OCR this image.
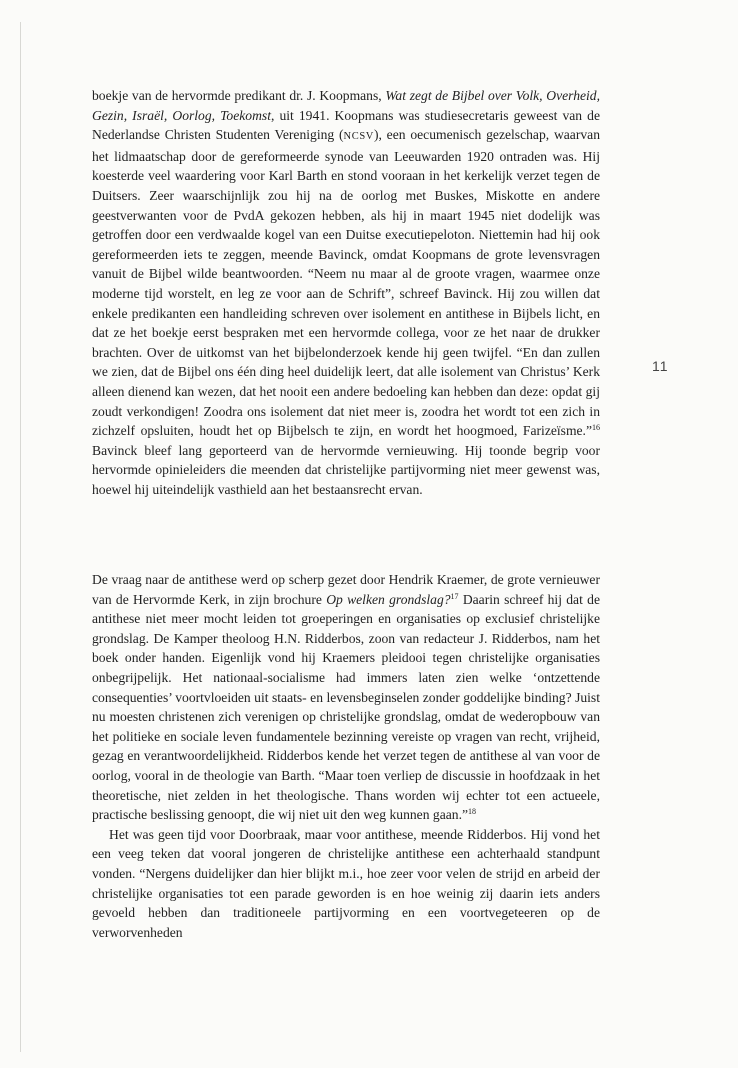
11

boekje van de hervormde predikant dr. J. Koopmans, Wat zegt de Bijbel over Volk, Overheid, Gezin, Israël, Oorlog, Toekomst, uit 1941. Koopmans was studiesecretaris geweest van de Nederlandse Christen Studenten Vereniging (NCSV), een oecumenisch gezelschap, waarvan het lidmaatschap door de gereformeerde synode van Leeuwarden 1920 ontraden was. Hij koesterde veel waardering voor Karl Barth en stond vooraan in het kerkelijk verzet tegen de Duitsers. Zeer waarschijnlijk zou hij na de oorlog met Buskes, Miskotte en andere geestverwanten voor de PvdA gekozen hebben, als hij in maart 1945 niet dodelijk was getroffen door een verdwaalde kogel van een Duitse executiepeloton. Niettemin had hij ook gereformeerden iets te zeggen, meende Bavinck, omdat Koopmans de grote levensvragen vanuit de Bijbel wilde beantwoorden. “Neem nu maar al de groote vragen, waarmee onze moderne tijd worstelt, en leg ze voor aan de Schrift”, schreef Bavinck. Hij zou willen dat enkele predikanten een handleiding schreven over isolement en antithese in Bijbels licht, en dat ze het boekje eerst bespraken met een hervormde collega, voor ze het naar de drukker brachten. Over de uitkomst van het bijbelonderzoek kende hij geen twijfel. “En dan zullen we zien, dat de Bijbel ons één ding heel duidelijk leert, dat alle isolement van Christus’ Kerk alleen dienend kan wezen, dat het nooit een andere bedoeling kan hebben dan deze: opdat gij zoudt verkondigen! Zoodra ons isolement dat niet meer is, zoodra het wordt tot een zich in zichzelf opsluiten, houdt het op Bijbelsch te zijn, en wordt het hoogmoed, Farizeïsme.”$^{16}$ Bavinck bleef lang geporteerd van de hervormde vernieuwing. Hij toonde begrip voor hervormde opinieleiders die meenden dat christelijke partijvorming niet meer gewenst was, hoewel hij uiteindelijk vasthield aan het bestaansrecht ervan.

De vraag naar de antithese werd op scherp gezet door Hendrik Kraemer, de grote vernieuwer van de Hervormde Kerk, in zijn brochure Op welken grondslag?$^{17}$ Daarin schreef hij dat de antithese niet meer mocht leiden tot groeperingen en organisaties op exclusief christelijke grondslag. De Kamper theoloog H.N. Ridderbos, zoon van redacteur J. Ridderbos, nam het boek onder handen. Eigenlijk vond hij Kraemers pleidooi tegen christelijke organisaties onbegrijpelijk. Het nationaal-socialisme had immers laten zien welke ‘ontzettende consequenties’ voortvloeiden uit staats- en levensbeginselen zonder goddelijke binding? Juist nu moesten christenen zich verenigen op christelijke grondslag, omdat de wederopbouw van het politieke en sociale leven fundamentele bezinning vereiste op vragen van recht, vrijheid, gezag en verantwoordelijkheid. Ridderbos kende het verzet tegen de antithese al van voor de oorlog, vooral in de theologie van Barth. “Maar toen verliep de discussie in hoofdzaak in het theoretische, niet zelden in het theologische. Thans worden wij echter tot een actueele, practische beslissing genoopt, die wij niet uit den weg kunnen gaan.”$^{18}$

Het was geen tijd voor Doorbraak, maar voor antithese, meende Ridderbos. Hij vond het een veeg teken dat vooral jongeren de christelijke antithese een achterhaald standpunt vonden. “Nergens duidelijker dan hier blijkt m.i., hoe zeer voor velen de strijd en arbeid der christelijke organisaties tot een parade geworden is en hoe weinig zij daarin iets anders gevoeld hebben dan traditioneele partijvorming en een voortvegeteeren op de verworvenheden
